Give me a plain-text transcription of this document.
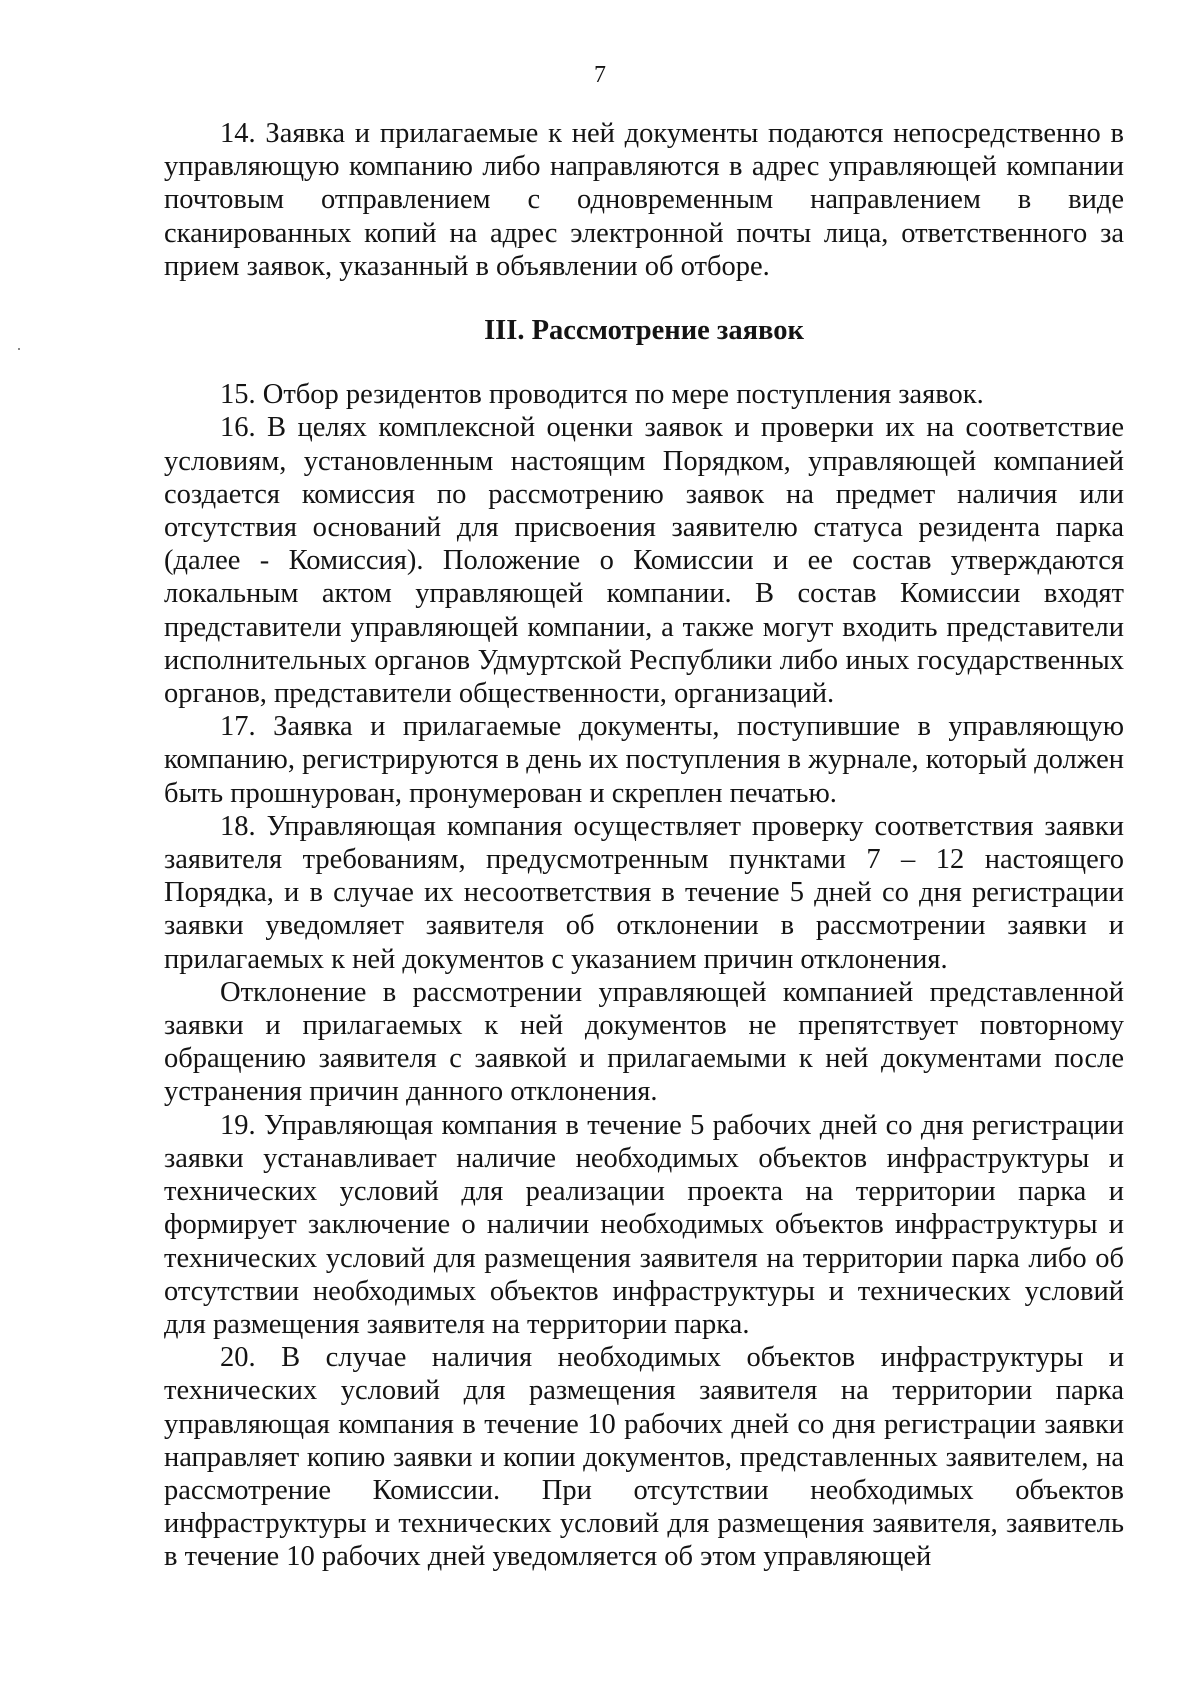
7

14. Заявка и прилагаемые к ней документы подаются непосредственно в управляющую компанию либо направляются в адрес управляющей компании почтовым отправлением с одновременным направлением в виде сканированных копий на адрес электронной почты лица, ответственного за прием заявок, указанный в объявлении об отборе.

III. Рассмотрение заявок

15. Отбор резидентов проводится по мере поступления заявок.

16. В целях комплексной оценки заявок и проверки их на соответствие условиям, установленным настоящим Порядком, управляющей компанией создается комиссия по рассмотрению заявок на предмет наличия или отсутствия оснований для присвоения заявителю статуса резидента парка (далее - Комиссия). Положение о Комиссии и ее состав утверждаются локальным актом управляющей компании. В состав Комиссии входят представители управляющей компании, а также могут входить представители исполнительных органов Удмуртской Республики либо иных государственных органов, представители общественности, организаций.

17. Заявка и прилагаемые документы, поступившие в управляющую компанию, регистрируются в день их поступления в журнале, который должен быть прошнурован, пронумерован и скреплен печатью.

18. Управляющая компания осуществляет проверку соответствия заявки заявителя требованиям, предусмотренным пунктами 7 – 12 настоящего Порядка, и в случае их несоответствия в течение 5 дней со дня регистрации заявки уведомляет заявителя об отклонении в рассмотрении заявки и прилагаемых к ней документов с указанием причин отклонения.

Отклонение в рассмотрении управляющей компанией представленной заявки и прилагаемых к ней документов не препятствует повторному обращению заявителя с заявкой и прилагаемыми к ней документами после устранения причин данного отклонения.

19. Управляющая компания в течение 5 рабочих дней со дня регистрации заявки устанавливает наличие необходимых объектов инфраструктуры и технических условий для реализации проекта на территории парка и формирует заключение о наличии необходимых объектов инфраструктуры и технических условий для размещения заявителя на территории парка либо об отсутствии необходимых объектов инфраструктуры и технических условий для размещения заявителя на территории парка.

20. В случае наличия необходимых объектов инфраструктуры и технических условий для размещения заявителя на территории парка управляющая компания в течение 10 рабочих дней со дня регистрации заявки направляет копию заявки и копии документов, представленных заявителем, на рассмотрение Комиссии. При отсутствии необходимых объектов инфраструктуры и технических условий для размещения заявителя, заявитель в течение 10 рабочих дней уведомляется об этом управляющей
